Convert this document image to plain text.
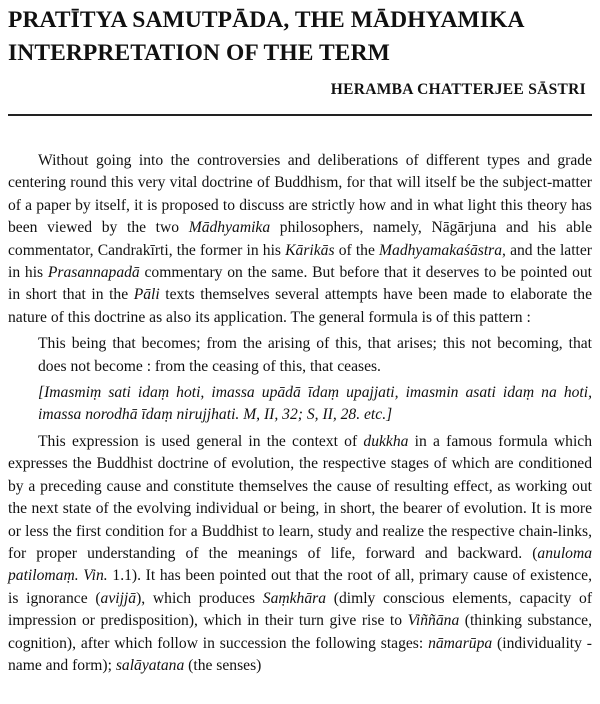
PRATĪTYA SAMUTPĀDA, THE MĀDHYAMIKA
INTERPRETATION OF THE TERM
HERAMBA CHATTERJEE SĀSTRI

Without going into the controversies and deliberations of different types and grade centering round this very vital doctrine of Buddhism, for that will itself be the subject-matter of a paper by itself, it is proposed to discuss are strictly how and in what light this theory has been viewed by the two Mādhyamika philosophers, namely, Nāgārjuna and his able commentator, Candrakīrti, the former in his Kārikās of the Madhyamakaśāstra, and the latter in his Prasannapadā commentary on the same. But before that it deserves to be pointed out in short that in the Pāli texts themselves several attempts have been made to elaborate the nature of this doctrine as also its application. The general formula is of this pattern :

This being that becomes; from the arising of this, that arises; this not becoming, that does not become : from the ceasing of this, that ceases.

[Imasmiṃ sati idaṃ hoti, imassa upādā īdaṃ upajjati, imasmin asati idaṃ na hoti, imassa norodhā īdaṃ nirujjhati. M, II, 32; S, II, 28. etc.]

This expression is used general in the context of dukkha in a famous formula which expresses the Buddhist doctrine of evolution, the respective stages of which are conditioned by a preceding cause and constitute themselves the cause of resulting effect, as working out the next state of the evolving individual or being, in short, the bearer of evolution. It is more or less the first condition for a Buddhist to learn, study and realize the respective chain-links, for proper understanding of the meanings of life, forward and backward. (anuloma patilomaṃ. Vin. 1.1). It has been pointed out that the root of all, primary cause of existence, is ignorance (avijjā), which produces Saṃkhāra (dimly conscious elements, capacity of impression or predisposition), which in their turn give rise to Viññāna (thinking substance, cognition), after which follow in succession the following stages: nāmarūpa (individuality - name and form); salāyatana (the senses)
